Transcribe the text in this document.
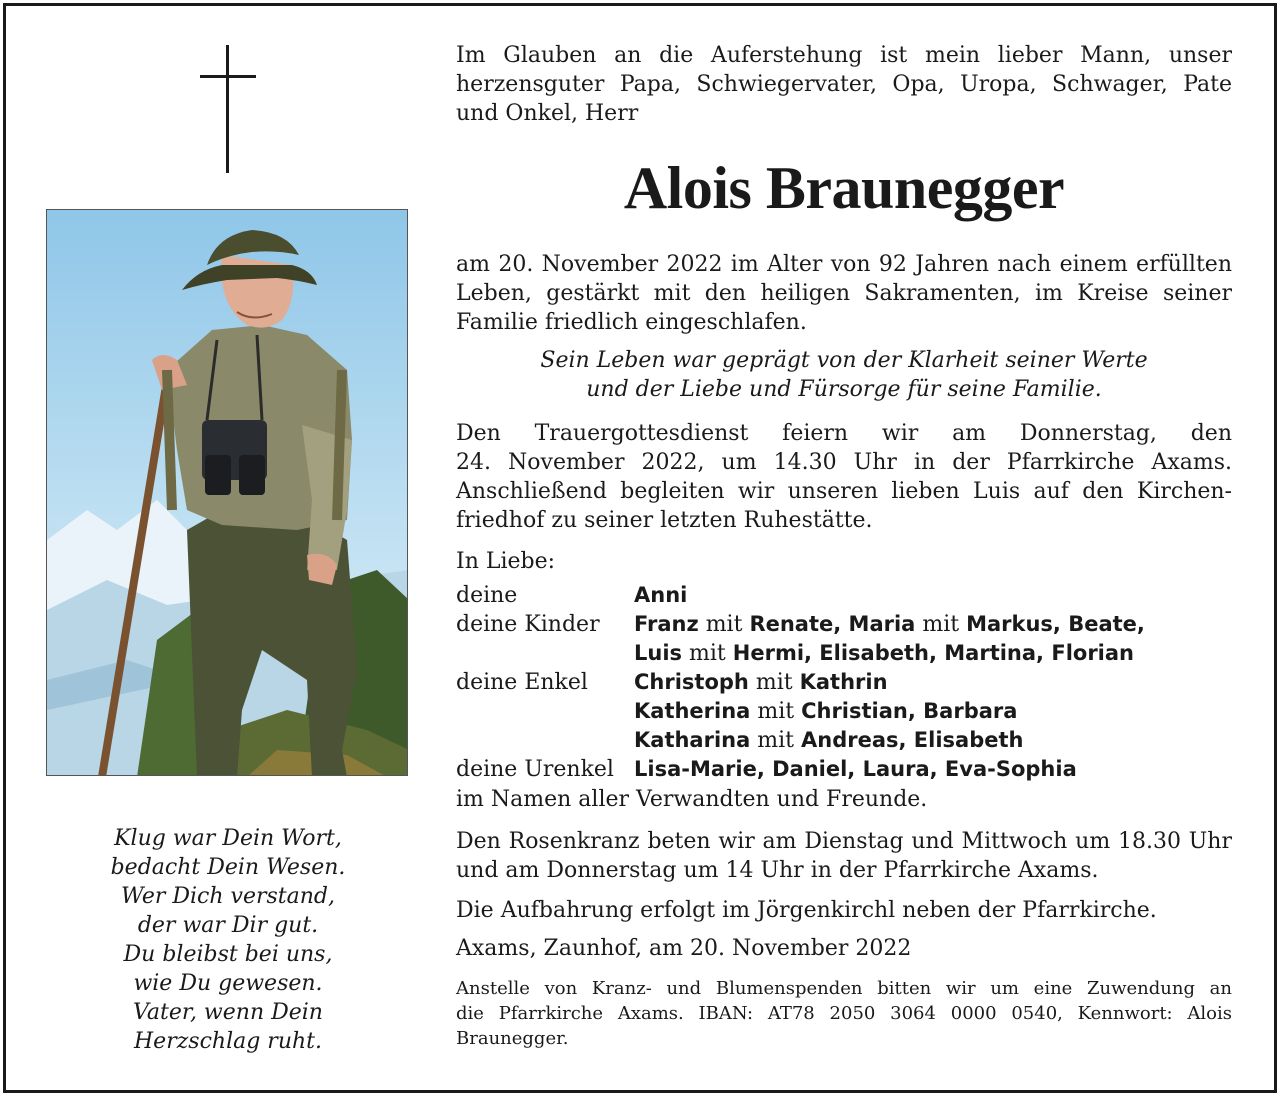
Klug war Dein Wort,
bedacht Dein Wesen.
Wer Dich verstand,
der war Dir gut.
Du bleibst bei uns,
wie Du gewesen.
Vater, wenn Dein
Herzschlag ruht.
Im Glauben an die Auferstehung ist mein lieber Mann, unser
herzensguter Papa, Schwiegervater, Opa, Uropa, Schwager, Pate
und Onkel, Herr
Alois Braunegger
am 20. November 2022 im Alter von 92 Jahren nach einem erfüllten
Leben, gestärkt mit den heiligen Sakramenten, im Kreise seiner
Familie friedlich eingeschlafen.
Sein Leben war geprägt von der Klarheit seiner Werte
und der Liebe und Fürsorge für seine Familie.
Den Trauergottesdienst feiern wir am Donnerstag, den
24. November 2022, um 14.30 Uhr in der Pfarrkirche Axams.
Anschließend begleiten wir unseren lieben Luis auf den Kirchen-
friedhof zu seiner letzten Ruhestätte.
In Liebe:
deine	Anni
deine Kinder	Franz mit Renate, Maria mit Markus, Beate,
Luis mit Hermi, Elisabeth, Martina, Florian
deine Enkel	Christoph mit Kathrin
Katherina mit Christian, Barbara
Katharina mit Andreas, Elisabeth
deine Urenkel Lisa-Marie, Daniel, Laura, Eva-Sophia
im Namen aller Verwandten und Freunde.
Den Rosenkranz beten wir am Dienstag und Mittwoch um 18.30 Uhr
und am Donnerstag um 14 Uhr in der Pfarrkirche Axams.
Die Aufbahrung erfolgt im Jörgenkirchl neben der Pfarrkirche.
Axams, Zaunhof, am 20. November 2022
Anstelle von Kranz- und Blumenspenden bitten wir um eine Zuwendung an
die Pfarrkirche Axams. IBAN: AT78 2050 3064 0000 0540, Kennwort: Alois
Braunegger.
